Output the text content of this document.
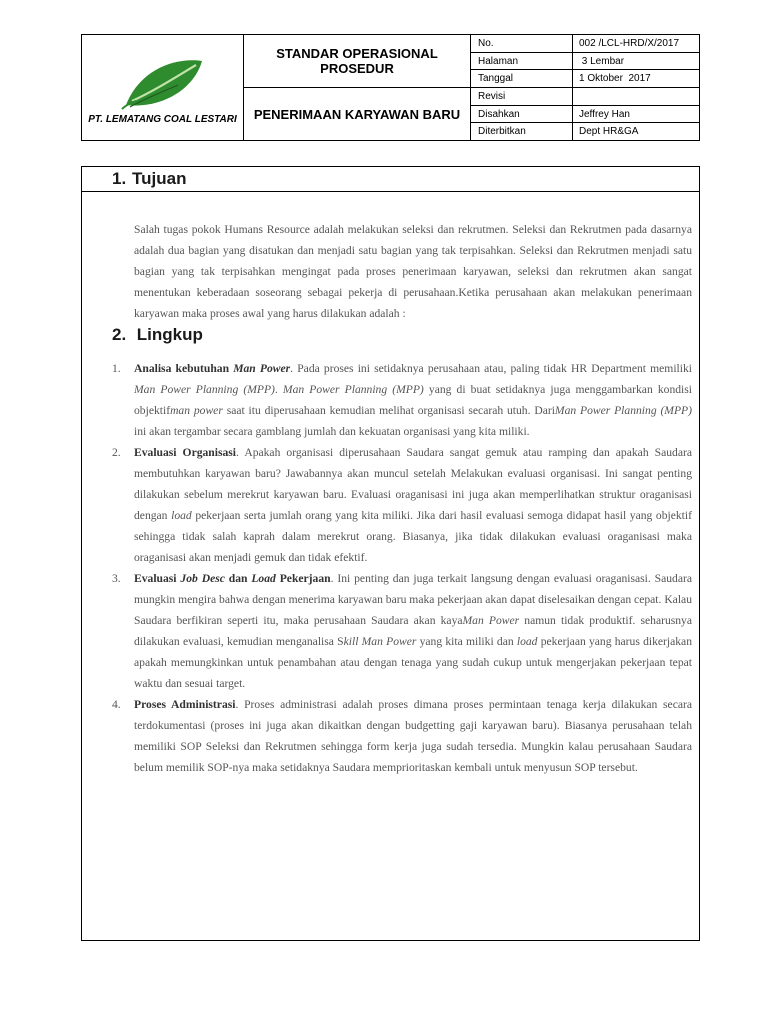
PT. LEMATANG COAL LESTARI
STANDAR OPERASIONAL PROSEDUR
PENERIMAAN KARYAWAN BARU
No.	002 /LCL-HRD/X/2017
Halaman	3 Lembar
Tanggal	1 Oktober  2017
Revisi
Disahkan	Jeffrey Han
Diterbitkan	Dept HR&GA
1. Tujuan
Salah tugas pokok Humans Resource adalah melakukan seleksi dan rekrutmen. Seleksi dan Rekrutmen pada dasarnya adalah dua bagian yang disatukan dan menjadi satu bagian yang tak terpisahkan. Seleksi dan Rekrutmen menjadi satu bagian yang tak terpisahkan mengingat pada proses penerimaan karyawan, seleksi dan rekrutmen akan sangat menentukan keberadaan soseorang sebagai pekerja di perusahaan.Ketika perusahaan akan melakukan penerimaan karyawan maka proses awal yang harus dilakukan adalah :
2. Lingkup
1.	Analisa kebutuhan Man Power. Pada proses ini setidaknya perusahaan atau, paling tidak HR Department memiliki Man Power Planning (MPP). Man Power Planning (MPP) yang di buat setidaknya juga menggambarkan kondisi objektifman power saat itu diperusahaan kemudian melihat organisasi secarah utuh. DariMan Power Planning (MPP) ini akan tergambar secara gamblang jumlah dan kekuatan organisasi yang kita miliki.
2.	Evaluasi Organisasi. Apakah organisasi diperusahaan Saudara sangat gemuk atau ramping dan apakah Saudara membutuhkan karyawan baru? Jawabannya akan muncul setelah Melakukan evaluasi organisasi. Ini sangat penting dilakukan sebelum merekrut karyawan baru. Evaluasi oraganisasi ini juga akan memperlihatkan struktur oraganisasi dengan load pekerjaan serta jumlah orang yang kita miliki. Jika dari hasil evaluasi semoga didapat hasil yang objektif sehingga tidak salah kaprah dalam merekrut orang. Biasanya, jika tidak dilakukan evaluasi oraganisasi maka oraganisasi akan menjadi gemuk dan tidak efektif.
3.	Evaluasi Job Desc dan Load Pekerjaan. Ini penting dan juga terkait langsung dengan evaluasi oraganisasi. Saudara mungkin mengira bahwa dengan menerima karyawan baru maka pekerjaan akan dapat diselesaikan dengan cepat. Kalau Saudara berfikiran seperti itu, maka perusahaan Saudara akan kayaMan Power namun tidak produktif. seharusnya dilakukan evaluasi, kemudian menganalisa Skill Man Power yang kita miliki dan load pekerjaan yang harus dikerjakan apakah memungkinkan untuk penambahan atau dengan tenaga yang sudah cukup untuk mengerjakan pekerjaan tepat waktu dan sesuai target.
4.	Proses Administrasi. Proses administrasi adalah proses dimana proses permintaan tenaga kerja dilakukan secara terdokumentasi (proses ini juga akan dikaitkan dengan budgetting gaji karyawan baru). Biasanya perusahaan telah memiliki SOP Seleksi dan Rekrutmen sehingga form kerja juga sudah tersedia. Mungkin kalau perusahaan Saudara belum memilik SOP-nya maka setidaknya Saudara memprioritaskan kembali untuk menyusun SOP tersebut.
